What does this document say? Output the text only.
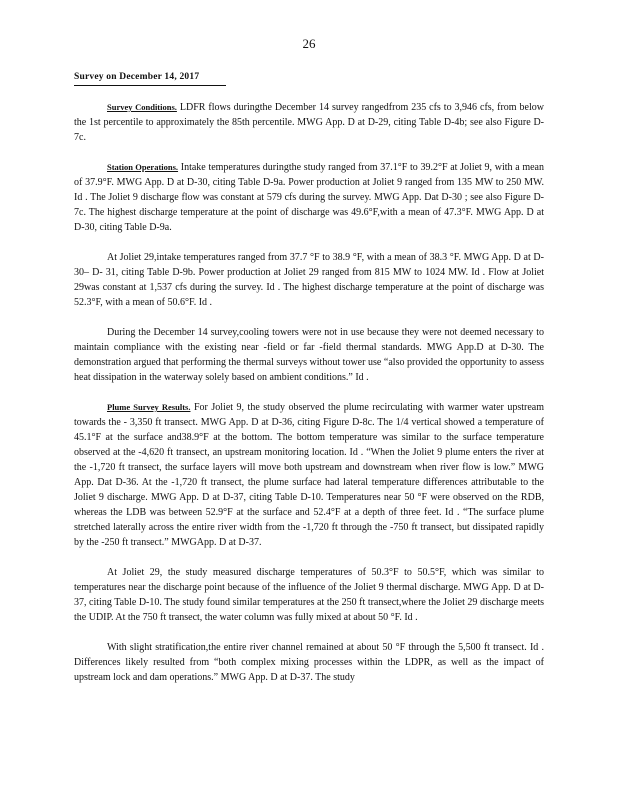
26
Survey on December 14, 2017

Survey Conditions. LDFR flows duringthe December 14 survey rangedfrom 235 cfs to 3,946 cfs, from below the 1st percentile to approximately the 85th percentile. MWG App. D at D-29, citing Table D-4b; see also Figure D-7c.

Station Operations. Intake temperatures duringthe study ranged from 37.1°F to 39.2°F at Joliet 9, with a mean of 37.9°F. MWG App. D at D-30, citing Table D-9a. Power production at Joliet 9 ranged from 135 MW to 250 MW. Id . The Joliet 9 discharge flow was constant at 579 cfs during the survey. MWG App. Dat D-30 ; see also Figure D-7c. The highest discharge temperature at the point of discharge was 49.6°F,with a mean of 47.3°F. MWG App. D at D-30, citing Table D-9a.

At Joliet 29,intake temperatures ranged from 37.7 °F to 38.9 °F, with a mean of 38.3 °F. MWG App. D at D-30– D- 31, citing Table D-9b. Power production at Joliet 29 ranged from 815 MW to 1024 MW. Id . Flow at Joliet 29was constant at 1,537 cfs during the survey. Id . The highest discharge temperature at the point of discharge was 52.3°F, with a mean of 50.6°F. Id .

During the December 14 survey,cooling towers were not in use because they were not deemed necessary to maintain compliance with the existing near -field or far -field thermal standards. MWG App.D at D-30. The demonstration argued that performing the thermal surveys without tower use “also provided the opportunity to assess heat dissipation in the waterway solely based on ambient conditions.” Id .

Plume Survey Results. For Joliet 9, the study observed the plume recirculating with warmer water upstream towards the - 3,350 ft transect. MWG App. D at D-36, citing Figure D-8c. The 1/4 vertical showed a temperature of 45.1°F at the surface and38.9°F at the bottom. The bottom temperature was similar to the surface temperature observed at the -4,620 ft transect, an upstream monitoring location. Id . “When the Joliet 9 plume enters the river at the -1,720 ft transect, the surface layers will move both upstream and downstream when river flow is low.” MWG App. Dat D-36. At the -1,720 ft transect, the plume surface had lateral temperature differences attributable to the Joliet 9 discharge. MWG App. D at D-37, citing Table D-10. Temperatures near 50 °F were observed on the RDB, whereas the LDB was between 52.9°F at the surface and 52.4°F at a depth of three feet. Id . “The surface plume stretched laterally across the entire river width from the -1,720 ft through the -750 ft transect, but dissipated rapidly by the -250 ft transect.” MWGApp. D at D-37.

At Joliet 29, the study measured discharge temperatures of 50.3°F to 50.5°F, which was similar to temperatures near the discharge point because of the influence of the Joliet 9 thermal discharge. MWG App. D at D-37, citing Table D-10. The study found similar temperatures at the 250 ft transect,where the Joliet 29 discharge meets the UDIP. At the 750 ft transect, the water column was fully mixed at about 50 °F. Id .

With slight stratification,the entire river channel remained at about 50 °F through the 5,500 ft transect. Id . Differences likely resulted from “both complex mixing processes within the LDPR, as well as the impact of upstream lock and dam operations.” MWG App. D at D-37. The study
